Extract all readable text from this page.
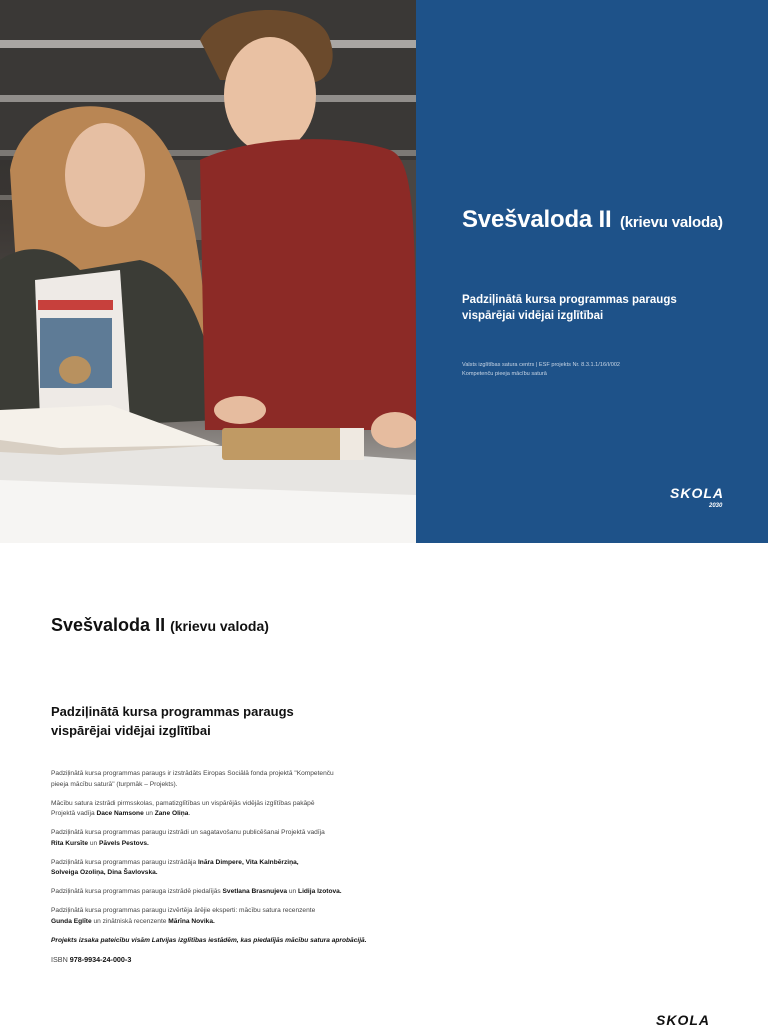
Svešvaloda II (krievu valoda)
Padziļinātā kursa programmas paraugs
vispārējai vidējai izglītībai
Valsts izglītības satura centrs | ESF projekts Nr. 8.3.1.1/16/I/002
Kompetenču pieeja mācību saturā
SKOLA
2030
Svešvaloda II (krievu valoda)
Padziļinātā kursa programmas paraugs
vispārējai vidējai izglītībai

Padziļinātā kursa programmas paraugs ir izstrādāts Eiropas Sociālā fonda projektā "Kompetenču
pieeja mācību saturā" (turpmāk – Projekts).

Mācību satura izstrādi pirmsskolas, pamatizglītības un vispārējās vidējās izglītības pakāpē
Projektā vadīja Dace Namsone un Zane Oliņa.

Padziļinātā kursa programmas paraugu izstrādi un sagatavošanu publicēšanai Projektā vadīja
Rita Kursīte un Pāvels Pestovs.

Padziļinātā kursa programmas paraugu izstrādāja Ināra Dimpere, Vita Kalnbērziņa,
Solveiga Ozoliņa, Dina Šavlovska.

Padziļinātā kursa programmas parauga izstrādē piedalījās Svetlana Brasnujeva un Lidija Izotova.

Padziļinātā kursa programmas paraugu izvērtēja ārējie eksperti: mācību satura recenzente
Gunda Eglīte un zinātniskā recenzente Mārīna Novika.

Projekts izsaka pateicību visām Latvijas izglītības iestādēm, kas piedalījās mācību satura aprobācijā.

ISBN 978-9934-24-000-3

SKOLA
